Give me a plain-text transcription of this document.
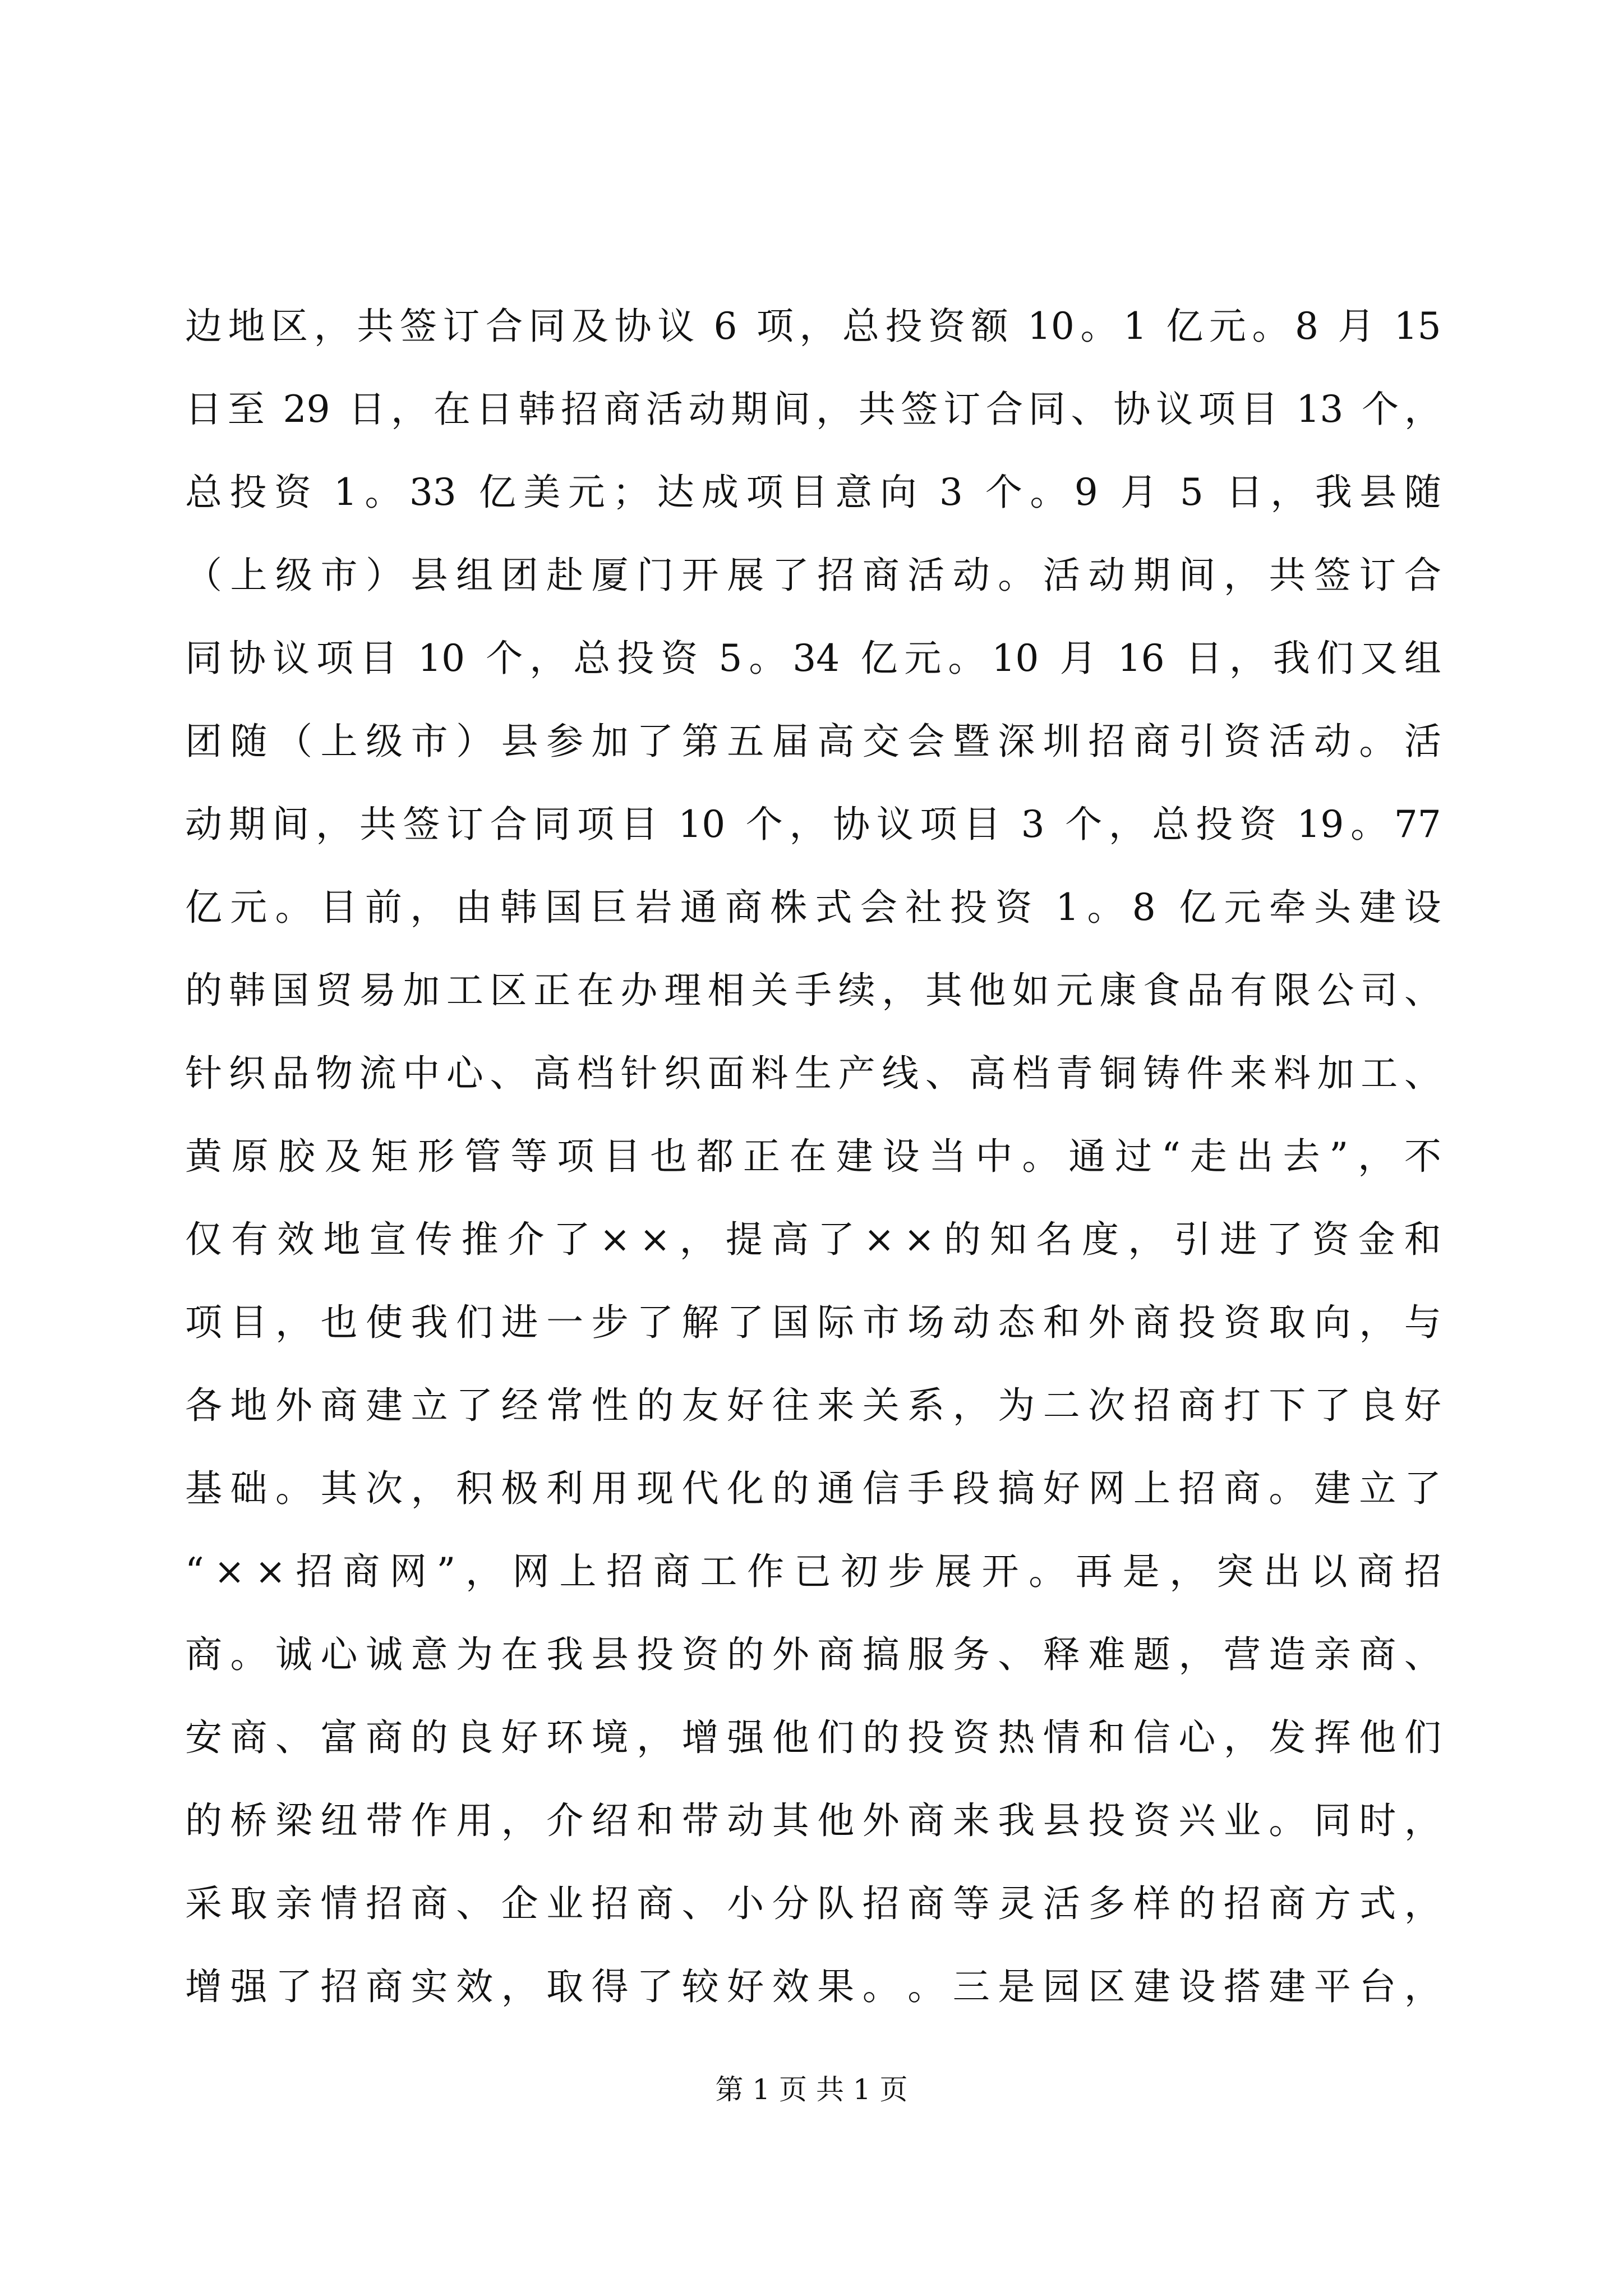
边 地 区 ， 共 签 订 合 同 及 协 议
  6
  项 ， 总 投 资 额
  10 。 1
  亿 元 。 8
  月
  15
日 至
  29
  日 ， 在 日 韩 招 商 活 动 期 间 ， 共 签 订 合 同 、 协 议 项 目
  13
  个 ，
总 投 资
  1 。 33
  亿 美 元 ； 达 成 项 目 意 向
  3
  个 。 9
  月
  5
  日 ， 我 县 随
（ 上 级 市 ） 县 组 团 赴 厦 门 开 展 了 招 商 活 动 。 活 动 期 间 ， 共 签 订 合
同 协 议 项 目
  10
  个 ， 总 投 资
  5 。 34
  亿 元 。 10
  月
  16
  日 ， 我 们 又 组
团 随 （ 上 级 市 ） 县 参 加 了 第 五 届 高 交 会 暨 深 圳 招 商 引 资 活 动 。 活
动 期 间 ， 共 签 订 合 同 项 目
  10
  个 ， 协 议 项 目
  3
  个 ， 总 投 资
  19 。 77
亿 元 。 目 前 ， 由 韩 国 巨 岩 通 商 株 式 会 社 投 资
  1 。 8
  亿 元 牵 头 建 设
的 韩 国 贸 易 加 工 区 正 在 办 理 相 关 手 续 ， 其 他 如 元 康 食 品 有 限 公 司 、
针 织 品 物 流 中 心 、 高 档 针 织 面 料 生 产 线 、 高 档 青 铜 铸 件 来 料 加 工 、
黄 原 胶 及 矩 形 管 等 项 目 也 都 正 在 建 设 当 中 。 通 过 “ 走 出 去 ” ， 不
仅 有 效 地 宣 传 推 介 了 × × ， 提 高 了 × × 的 知 名 度 ， 引 进 了 资 金 和
项 目 ， 也 使 我 们 进 一 步 了 解 了 国 际 市 场 动 态 和 外 商 投 资 取 向 ， 与
各 地 外 商 建 立 了 经 常 性 的 友 好 往 来 关 系 ， 为 二 次 招 商 打 下 了 良 好
基 础 。 其 次 ， 积 极 利 用 现 代 化 的 通 信 手 段 搞 好 网 上 招 商 。 建 立 了
“ × × 招 商 网 ” ， 网 上 招 商 工 作 已 初 步 展 开 。 再 是 ， 突 出 以 商 招
商 。 诚 心 诚 意 为 在 我 县 投 资 的 外 商 搞 服 务 、 释 难 题 ， 营 造 亲 商 、
安 商 、 富 商 的 良 好 环 境 ， 增 强 他 们 的 投 资 热 情 和 信 心 ， 发 挥 他 们
的 桥 梁 纽 带 作 用 ， 介 绍 和 带 动 其 他 外 商 来 我 县 投 资 兴 业 。 同 时 ，
采 取 亲 情 招 商 、 企 业 招 商 、 小 分 队 招 商 等 灵 活 多 样 的 招 商 方 式 ，
增 强 了 招 商 实 效 ， 取 得 了 较 好 效 果 。 。 三 是 园 区 建 设 搭 建 平 台 ，
第 1 页 共 1 页
